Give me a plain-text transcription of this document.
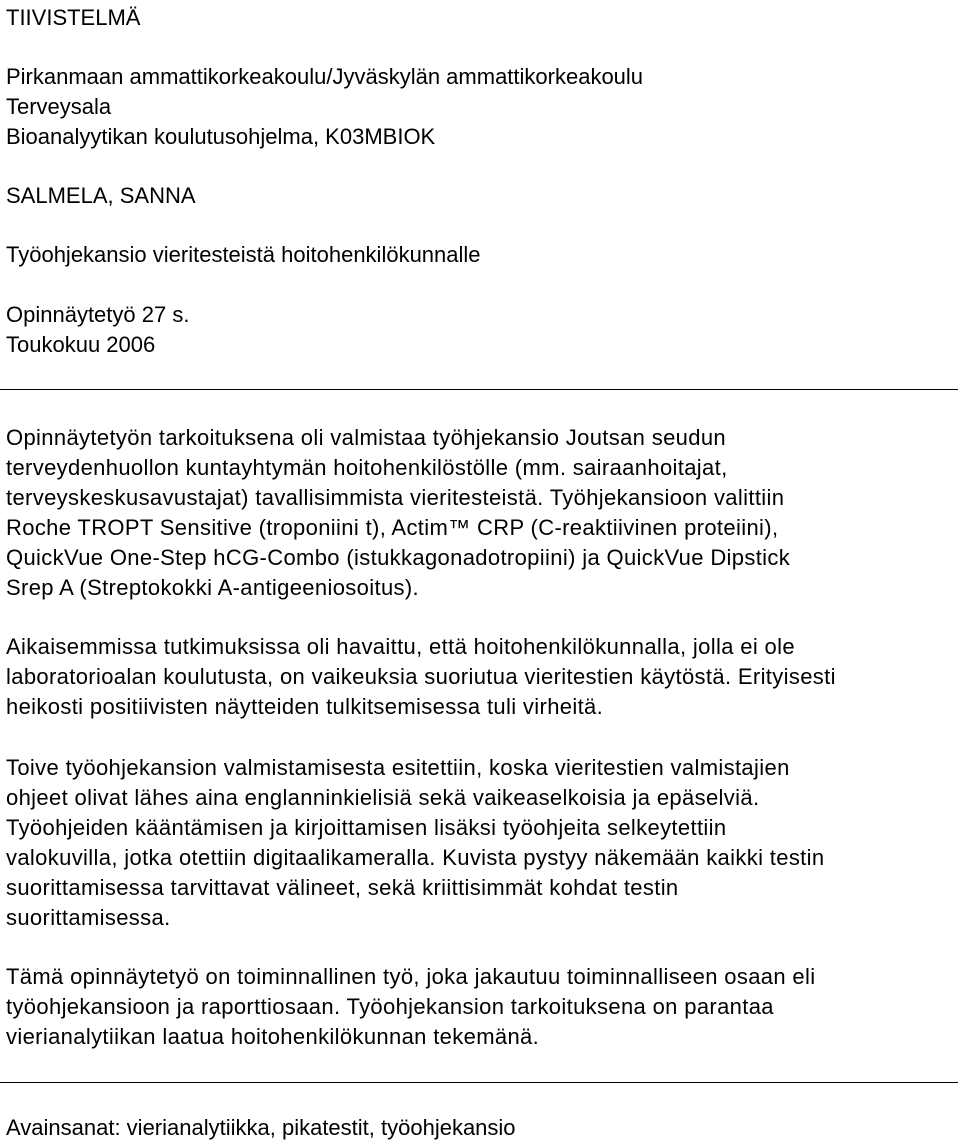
TIIVISTELMÄ
Pirkanmaan ammattikorkeakoulu/Jyväskylän ammattikorkeakoulu
Terveysala
Bioanalyytikan koulutusohjelma, K03MBIOK
SALMELA, SANNA
Työohjekansio vieritesteistä hoitohenkilökunnalle
Opinnäytetyö 27 s.
Toukokuu 2006
Opinnäytetyön tarkoituksena oli valmistaa työhjekansio Joutsan seudun
terveydenhuollon kuntayhtymän hoitohenkilöstölle (mm. sairaanhoitajat,
terveyskeskusavustajat) tavallisimmista vieritesteistä. Työhjekansioon valittiin
Roche TROPT Sensitive (troponiini t), Actim™ CRP (C-reaktiivinen proteiini),
QuickVue One-Step hCG-Combo (istukkagonadotropiini) ja QuickVue Dipstick
Srep A (Streptokokki A-antigeeniosoitus).
Aikaisemmissa tutkimuksissa oli havaittu, että hoitohenkilökunnalla, jolla ei ole
laboratorioalan koulutusta, on vaikeuksia suoriutua vieritestien käytöstä. Erityisesti
heikosti positiivisten näytteiden tulkitsemisessa tuli virheitä.
Toive työohjekansion valmistamisesta esitettiin, koska vieritestien valmistajien
ohjeet olivat lähes aina englanninkielisiä sekä vaikeaselkoisia ja epäselviä.
Työohjeiden kääntämisen ja kirjoittamisen lisäksi työohjeita selkeytettiin
valokuvilla, jotka otettiin digitaalikameralla. Kuvista pystyy näkemään kaikki testin
suorittamisessa tarvittavat välineet, sekä kriittisimmät kohdat testin
suorittamisessa.
Tämä opinnäytetyö on toiminnallinen työ, joka jakautuu toiminnalliseen osaan eli
työohjekansioon ja raporttiosaan. Työohjekansion tarkoituksena on parantaa
vierianalytiikan laatua hoitohenkilökunnan tekemänä.
Avainsanat: vierianalytiikka, pikatestit, työohjekansio
